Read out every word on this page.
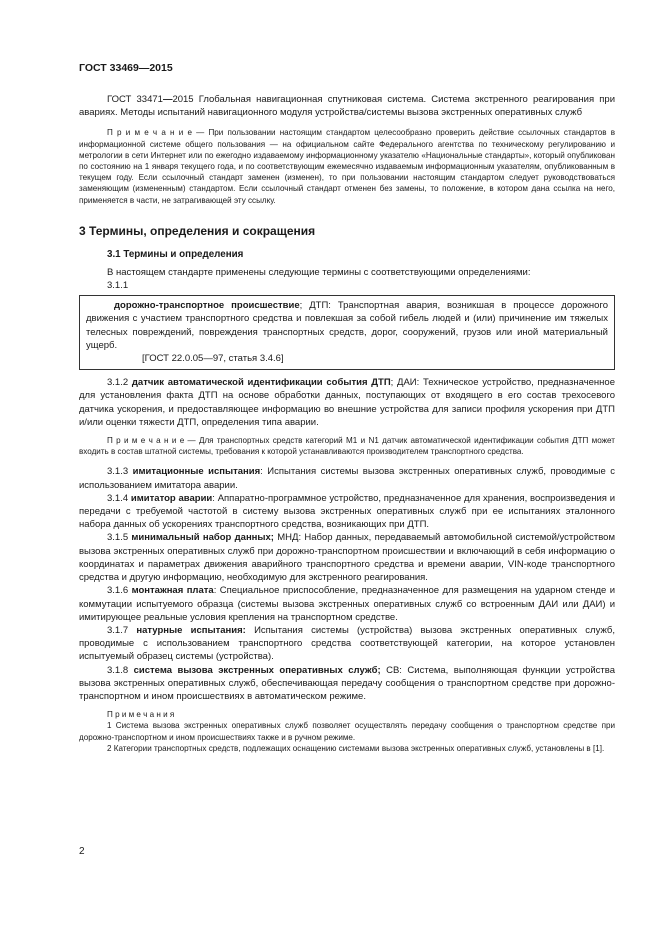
ГОСТ 33469—2015

ГОСТ 33471—2015 Глобальная навигационная спутниковая система. Система экстренного реагирования при авариях. Методы испытаний навигационного модуля устройства/системы вызова экстренных оперативных служб

П р и м е ч а н и е — При пользовании настоящим стандартом целесообразно проверить действие ссылочных стандартов в информационной системе общего пользования — на официальном сайте Федерального агентства по техническому регулированию и метрологии в сети Интернет или по ежегодно издаваемому информационному указателю «Национальные стандарты», который опубликован по состоянию на 1 января текущего года, и по соответствующим ежемесячно издаваемым информационным указателям, опубликованным в текущем году. Если ссылочный стандарт заменен (изменен), то при пользовании настоящим стандартом следует руководствоваться заменяющим (измененным) стандартом. Если ссылочный стандарт отменен без замены, то положение, в котором дана ссылка на него, применяется в части, не затрагивающей эту ссылку.

3 Термины, определения и сокращения
3.1 Термины и определения

В настоящем стандарте применены следующие термины с соответствующими определениями:

3.1.1

дорожно-транспортное происшествие; ДТП: Транспортная авария, возникшая в процессе дорожного движения с участием транспортного средства и повлекшая за собой гибель людей и (или) причинение им тяжелых телесных повреждений, повреждения транспортных средств, дорог, сооружений, грузов или иной материальный ущерб.

[ГОСТ 22.0.05—97, статья 3.4.6]

3.1.2 датчик автоматической идентификации события ДТП; ДАИ: Техническое устройство, предназначенное для установления факта ДТП на основе обработки данных, поступающих от входящего в его состав трехосевого датчика ускорения, и предоставляющее информацию во внешние устройства для записи профиля ускорения при ДТП и/или оценки тяжести ДТП, определения типа аварии.

П р и м е ч а н и е — Для транспортных средств категорий М1 и N1 датчик автоматической идентификации события ДТП может входить в состав штатной системы, требования к которой устанавливаются производителем транспортного средства.

3.1.3 имитационные испытания: Испытания системы вызова экстренных оперативных служб, проводимые с использованием имитатора аварии.

3.1.4 имитатор аварии: Аппаратно-программное устройство, предназначенное для хранения, воспроизведения и передачи с требуемой частотой в систему вызова экстренных оперативных служб при ее испытаниях эталонного набора данных об ускорениях транспортного средства, возникающих при ДТП.

3.1.5 минимальный набор данных; МНД: Набор данных, передаваемый автомобильной системой/устройством вызова экстренных оперативных служб при дорожно-транспортном происшествии и включающий в себя информацию о координатах и параметрах движения аварийного транспортного средства и времени аварии, VIN-коде транспортного средства и другую информацию, необходимую для экстренного реагирования.

3.1.6 монтажная плата: Специальное приспособление, предназначенное для размещения на ударном стенде и коммутации испытуемого образца (системы вызова экстренных оперативных служб со встроенным ДАИ или ДАИ) и имитирующее реальные условия крепления на транспортном средстве.

3.1.7 натурные испытания: Испытания системы (устройства) вызова экстренных оперативных служб, проводимые с использованием транспортного средства соответствующей категории, на которое установлен испытуемый образец системы (устройства).

3.1.8 система вызова экстренных оперативных служб; СВ: Система, выполняющая функции устройства вызова экстренных оперативных служб, обеспечивающая передачу сообщения о транспортном средстве при дорожно-транспортном и ином происшествиях в автоматическом режиме.

П р и м е ч а н и я

1 Система вызова экстренных оперативных служб позволяет осуществлять передачу сообщения о транспортном средстве при дорожно-транспортном и ином происшествиях также и в ручном режиме.

2 Категории транспортных средств, подлежащих оснащению системами вызова экстренных оперативных служб, установлены в [1].

2
